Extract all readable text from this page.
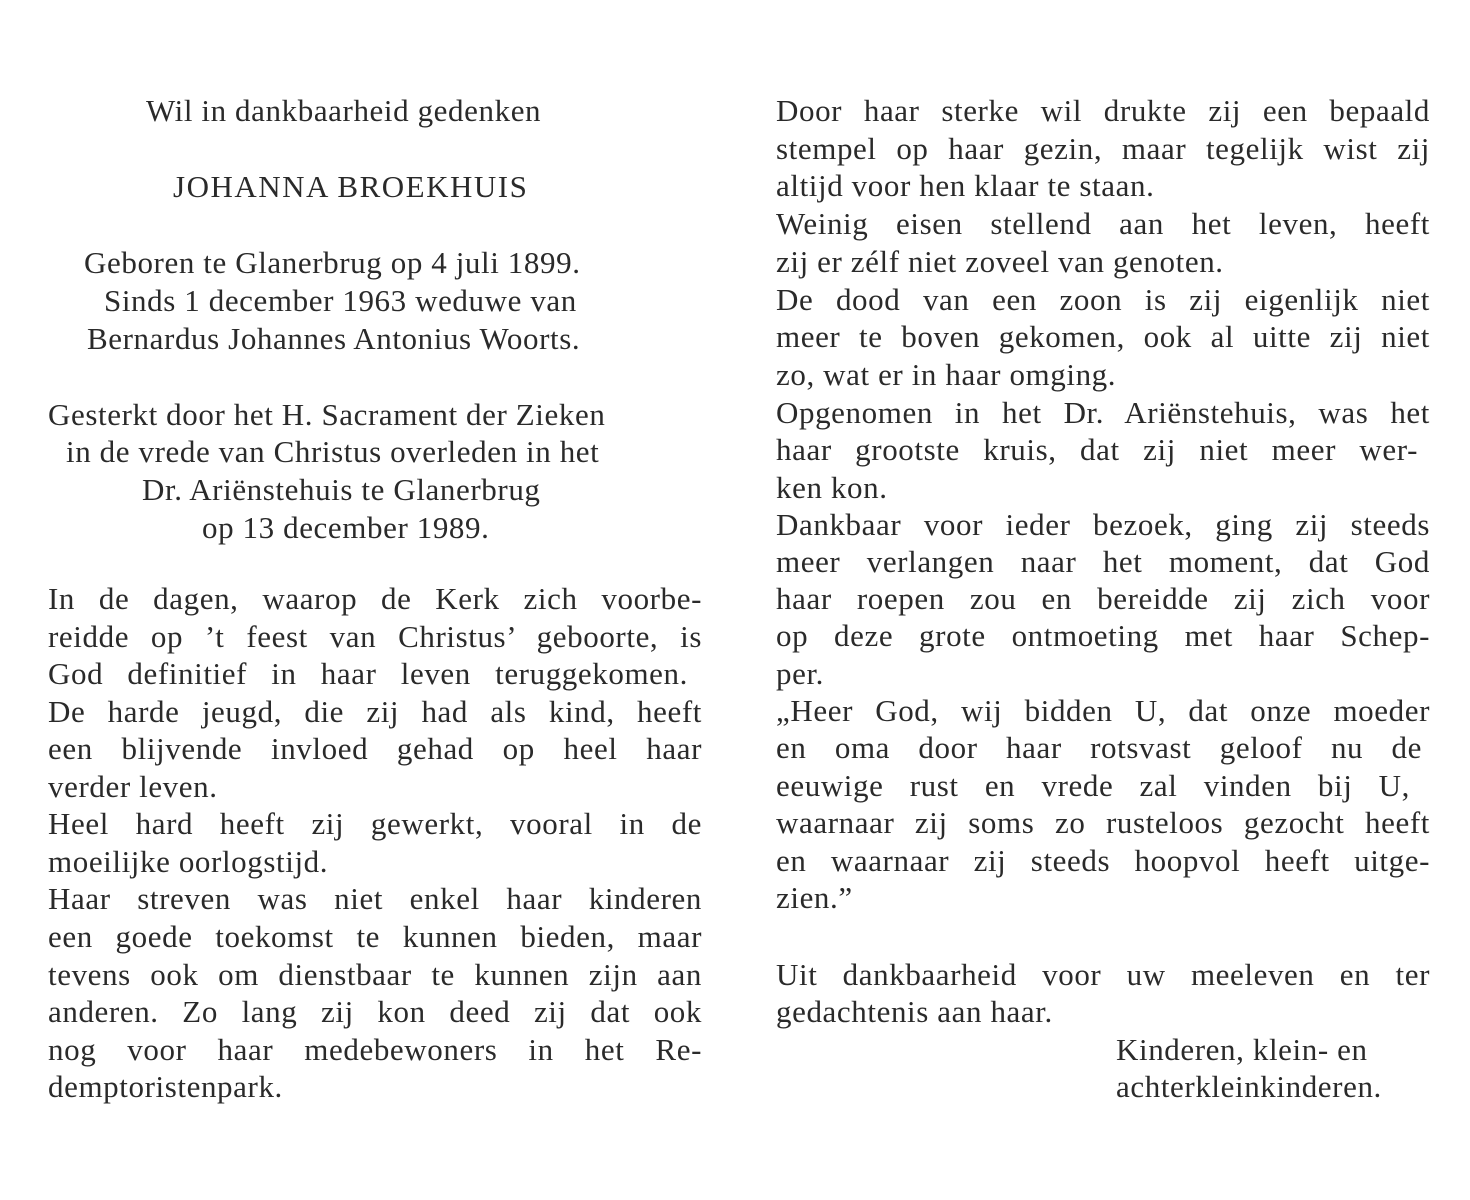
Wil in dankbaarheid gedenken
JOHANNA BROEKHUIS
Geboren te Glanerbrug op 4 juli 1899.
Sinds 1 december 1963 weduwe van
Bernardus Johannes Antonius Woorts.
Gesterkt door het H. Sacrament der Zieken
in de vrede van Christus overleden in het
Dr. Ariënstehuis te Glanerbrug
op 13 december 1989.
In de dagen, waarop de Kerk zich voorbe-
reidde op ’t feest van Christus’ geboorte, is
God definitief in haar leven teruggekomen.
De harde jeugd, die zij had als kind, heeft
een blijvende invloed gehad op heel haar
verder leven.
Heel hard heeft zij gewerkt, vooral in de
moeilijke oorlogstijd.
Haar streven was niet enkel haar kinderen
een goede toekomst te kunnen bieden, maar
tevens ook om dienstbaar te kunnen zijn aan
anderen. Zo lang zij kon deed zij dat ook
nog voor haar medebewoners in het Re-
demptoristenpark.
Door haar sterke wil drukte zij een bepaald
stempel op haar gezin, maar tegelijk wist zij
altijd voor hen klaar te staan.
Weinig eisen stellend aan het leven, heeft
zij er zélf niet zoveel van genoten.
De dood van een zoon is zij eigenlijk niet
meer te boven gekomen, ook al uitte zij niet
zo, wat er in haar omging.
Opgenomen in het Dr. Ariënstehuis, was het
haar grootste kruis, dat zij niet meer wer-
ken kon.
Dankbaar voor ieder bezoek, ging zij steeds
meer verlangen naar het moment, dat God
haar roepen zou en bereidde zij zich voor
op deze grote ontmoeting met haar Schep-
per.
„Heer God, wij bidden U, dat onze moeder
en oma door haar rotsvast geloof nu de
eeuwige rust en vrede zal vinden bij U,
waarnaar zij soms zo rusteloos gezocht heeft
en waarnaar zij steeds hoopvol heeft uitge-
zien.”
Uit dankbaarheid voor uw meeleven en ter
gedachtenis aan haar.
Kinderen, klein- en
achterkleinkinderen.
